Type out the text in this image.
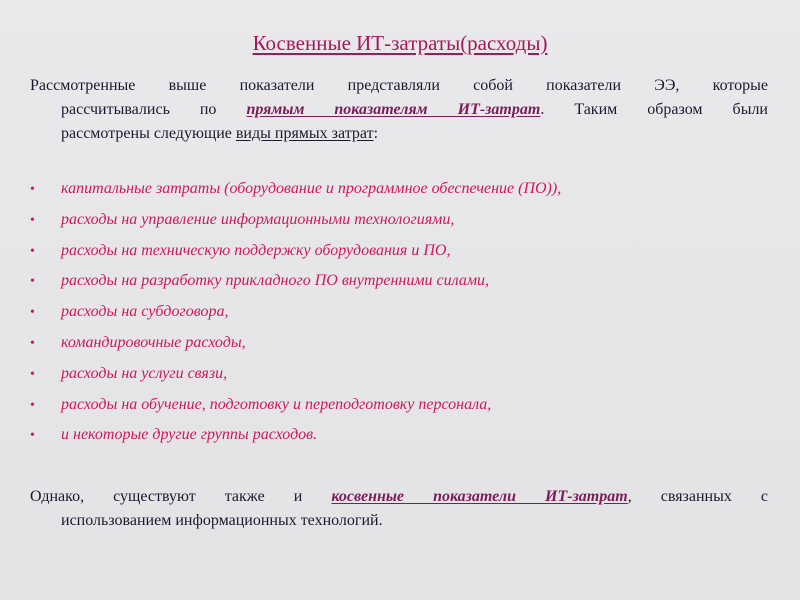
Косвенные ИТ-затраты(расходы)
Рассмотренные выше показатели представляли собой показатели ЭЭ, которые
рассчитывались по прямым показателям ИТ-затрат. Таким образом были
рассмотрены следующие виды прямых затрат:
•	капитальные затраты (оборудование и программное обеспечение (ПО)),
•	расходы на управление информационными технологиями,
•	расходы на техническую поддержку оборудования и ПО,
•	расходы на разработку прикладного ПО внутренними силами,
•	расходы на субдоговора,
•	командировочные расходы,
•	расходы на услуги связи,
•	расходы на обучение, подготовку и переподготовку персонала,
•	и некоторые другие группы расходов.
Однако, существуют также и косвенные показатели ИТ-затрат, связанных с
использованием информационных технологий.
